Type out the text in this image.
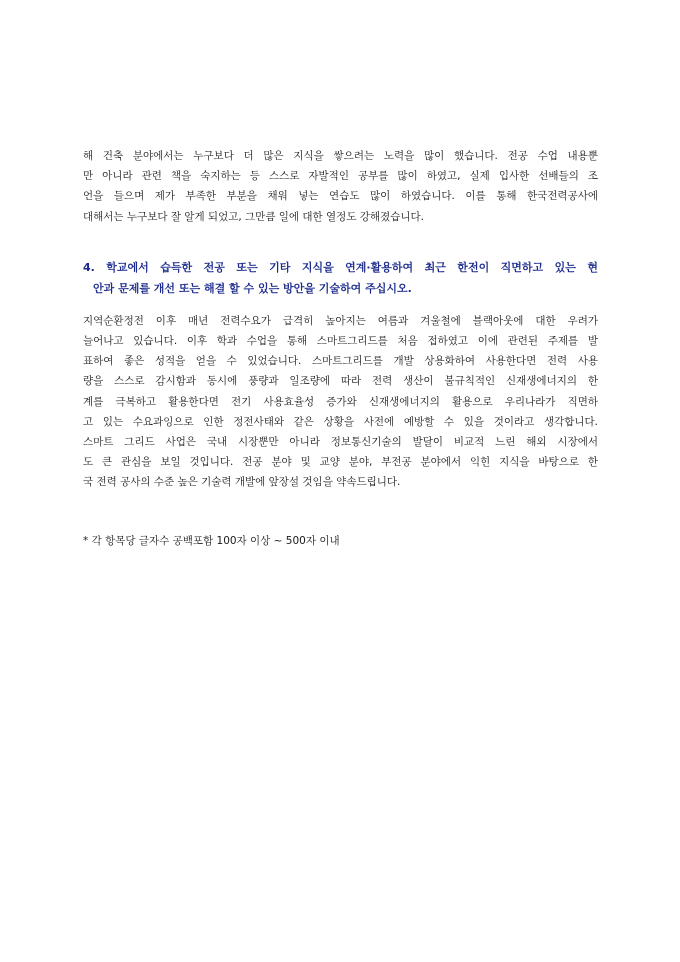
해 건축 분야에서는 누구보다 더 많은 지식을 쌓으려는 노력을 많이 했습니다. 전공 수업 내용뿐
만 아니라 관련 책을 숙지하는 등 스스로 자발적인 공부를 많이 하였고, 실제 입사한 선배들의 조
언을 들으며 제가 부족한 부분을 채워 넣는 연습도 많이 하였습니다. 이를 통해 한국전력공사에
대해서는 누구보다 잘 알게 되었고, 그만큼 일에 대한 열정도 강해졌습니다.
4. 학교에서 습득한 전공 또는 기타 지식을 연계·활용하여 최근 한전이 직면하고 있는 현
안과 문제를 개선 또는 해결 할 수 있는 방안을 기술하여 주십시오.
지역순환정전 이후 매년 전력수요가 급격히 높아지는 여름과 겨울철에 블랙아웃에 대한 우려가
늘어나고 있습니다. 이후 학과 수업을 통해 스마트그리드를 처음 접하였고 이에 관련된 주제를 발
표하여 좋은 성적을 얻을 수 있었습니다. 스마트그리드를 개발 상용화하여 사용한다면 전력 사용
량을 스스로 감시함과 동시에 풍량과 일조량에 따라 전력 생산이 불규칙적인 신재생에너지의 한
계를 극복하고 활용한다면 전기 사용효율성 증가와 신재생에너지의 활용으로 우리나라가 직면하
고 있는 수요과잉으로 인한 정전사태와 같은 상황을 사전에 예방할 수 있을 것이라고 생각합니다.
스마트 그리드 사업은 국내 시장뿐만 아니라 정보통신기술의 발달이 비교적 느린 해외 시장에서
도 큰 관심을 보일 것입니다. 전공 분야 및 교양 분야, 부전공 분야에서 익힌 지식을 바탕으로 한
국 전력 공사의 수준 높은 기술력 개발에 앞장설 것임을 약속드립니다.
* 각 항목당 글자수 공백포함 100자 이상 ~ 500자 이내
